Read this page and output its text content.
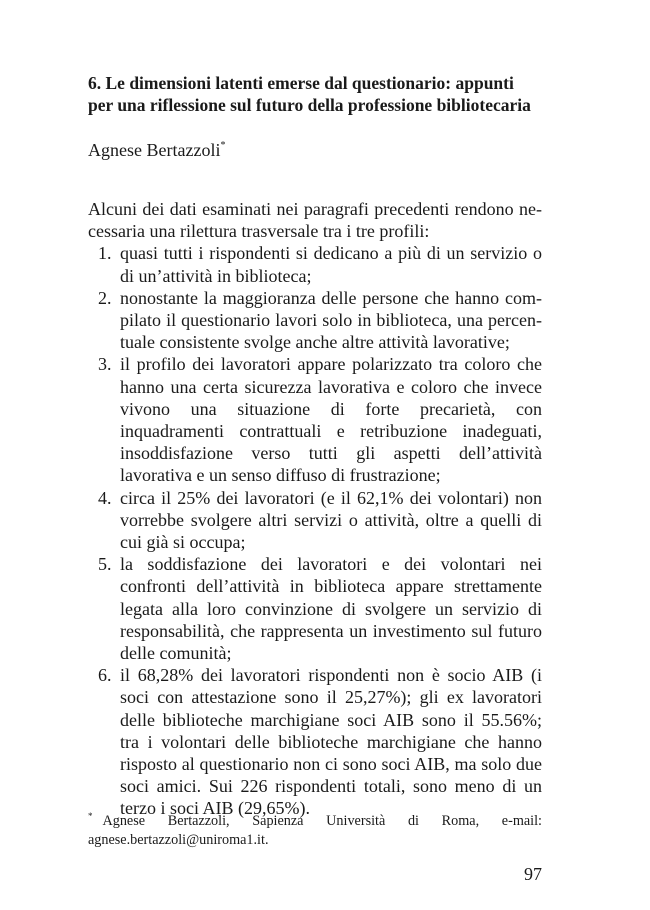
6. Le dimensioni latenti emerse dal questionario: appunti per una riflessione sul futuro della professione bibliotecaria
Agnese Bertazzoli*

Alcuni dei dati esaminati nei paragrafi precedenti rendono necessaria una rilettura trasversale tra i tre profili:

1. quasi tutti i rispondenti si dedicano a più di un servizio o di un’attività in biblioteca;
2. nonostante la maggioranza delle persone che hanno compilato il questionario lavori solo in biblioteca, una percentuale consistente svolge anche altre attività lavorative;
3. il profilo dei lavoratori appare polarizzato tra coloro che hanno una certa sicurezza lavorativa e coloro che invece vivono una situazione di forte precarietà, con inquadramenti contrattuali e retribuzione inadeguati, insoddisfazione verso tutti gli aspetti dell’attività lavorativa e un senso diffuso di frustrazione;
4. circa il 25% dei lavoratori (e il 62,1% dei volontari) non vorrebbe svolgere altri servizi o attività, oltre a quelli di cui già si occupa;
5. la soddisfazione dei lavoratori e dei volontari nei confronti dell’attività in biblioteca appare strettamente legata alla loro convinzione di svolgere un servizio di responsabilità, che rappresenta un investimento sul futuro delle comunità;
6. il 68,28% dei lavoratori rispondenti non è socio AIB (i soci con attestazione sono il 25,27%); gli ex lavoratori delle biblioteche marchigiane soci AIB sono il 55.56%; tra i volontari delle biblioteche marchigiane che hanno risposto al questionario non ci sono soci AIB, ma solo due soci amici. Sui 226 rispondenti totali, sono meno di un terzo i soci AIB (29,65%).
* Agnese Bertazzoli, Sapienza Università di Roma, e-mail:
agnese.bertazzoli@uniroma1.it.
97
